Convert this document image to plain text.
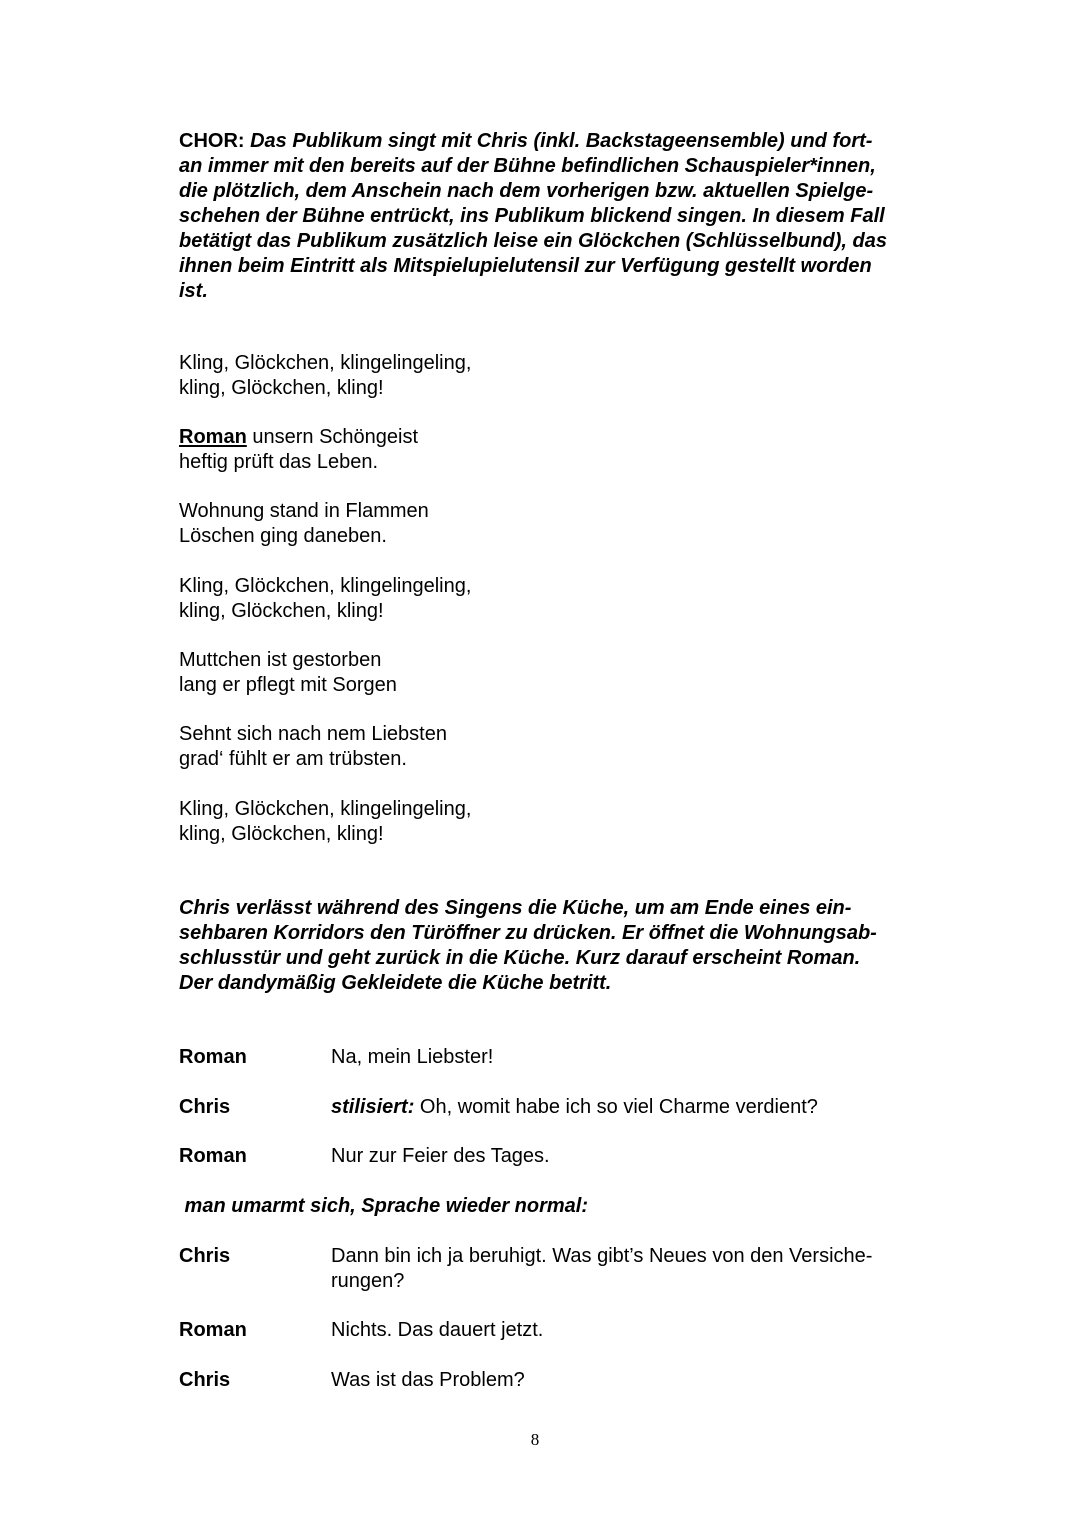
CHOR: Das Publikum singt mit Chris (inkl. Backstageensemble) und fort-
an immer mit den bereits auf der Bühne befindlichen Schauspieler*innen,
die plötzlich, dem Anschein nach dem vorherigen bzw. aktuellen Spielge-
schehen der Bühne entrückt, ins Publikum blickend singen. In diesem Fall
betätigt das Publikum zusätzlich leise ein Glöckchen (Schlüsselbund), das
ihnen beim Eintritt als Mitspielupielutensil zur Verfügung gestellt worden
ist.
Kling, Glöckchen, klingelingeling,
kling, Glöckchen, kling!
Roman unsern Schöngeist
heftig prüft das Leben.
Wohnung stand in Flammen
Löschen ging daneben.
Kling, Glöckchen, klingelingeling,
kling, Glöckchen, kling!
Muttchen ist gestorben
lang er pflegt mit Sorgen
Sehnt sich nach nem Liebsten
grad‘ fühlt er am trübsten.
Kling, Glöckchen, klingelingeling,
kling, Glöckchen, kling!
Chris verlässt während des Singens die Küche, um am Ende eines ein-
sehbaren Korridors den Türöffner zu drücken. Er öffnet die Wohnungsab-
schlusstür und geht zurück in die Küche. Kurz darauf erscheint Roman.
Der dandymäßig Gekleidete die Küche betritt.
Roman	Na, mein Liebster!
Chris	stilisiert: Oh, womit habe ich so viel Charme verdient?
Roman	Nur zur Feier des Tages.
man umarmt sich, Sprache wieder normal:
Chris	Dann bin ich ja beruhigt. Was gibt’s Neues von den Versiche-
rungen?
Roman	Nichts. Das dauert jetzt.
Chris	Was ist das Problem?
8
